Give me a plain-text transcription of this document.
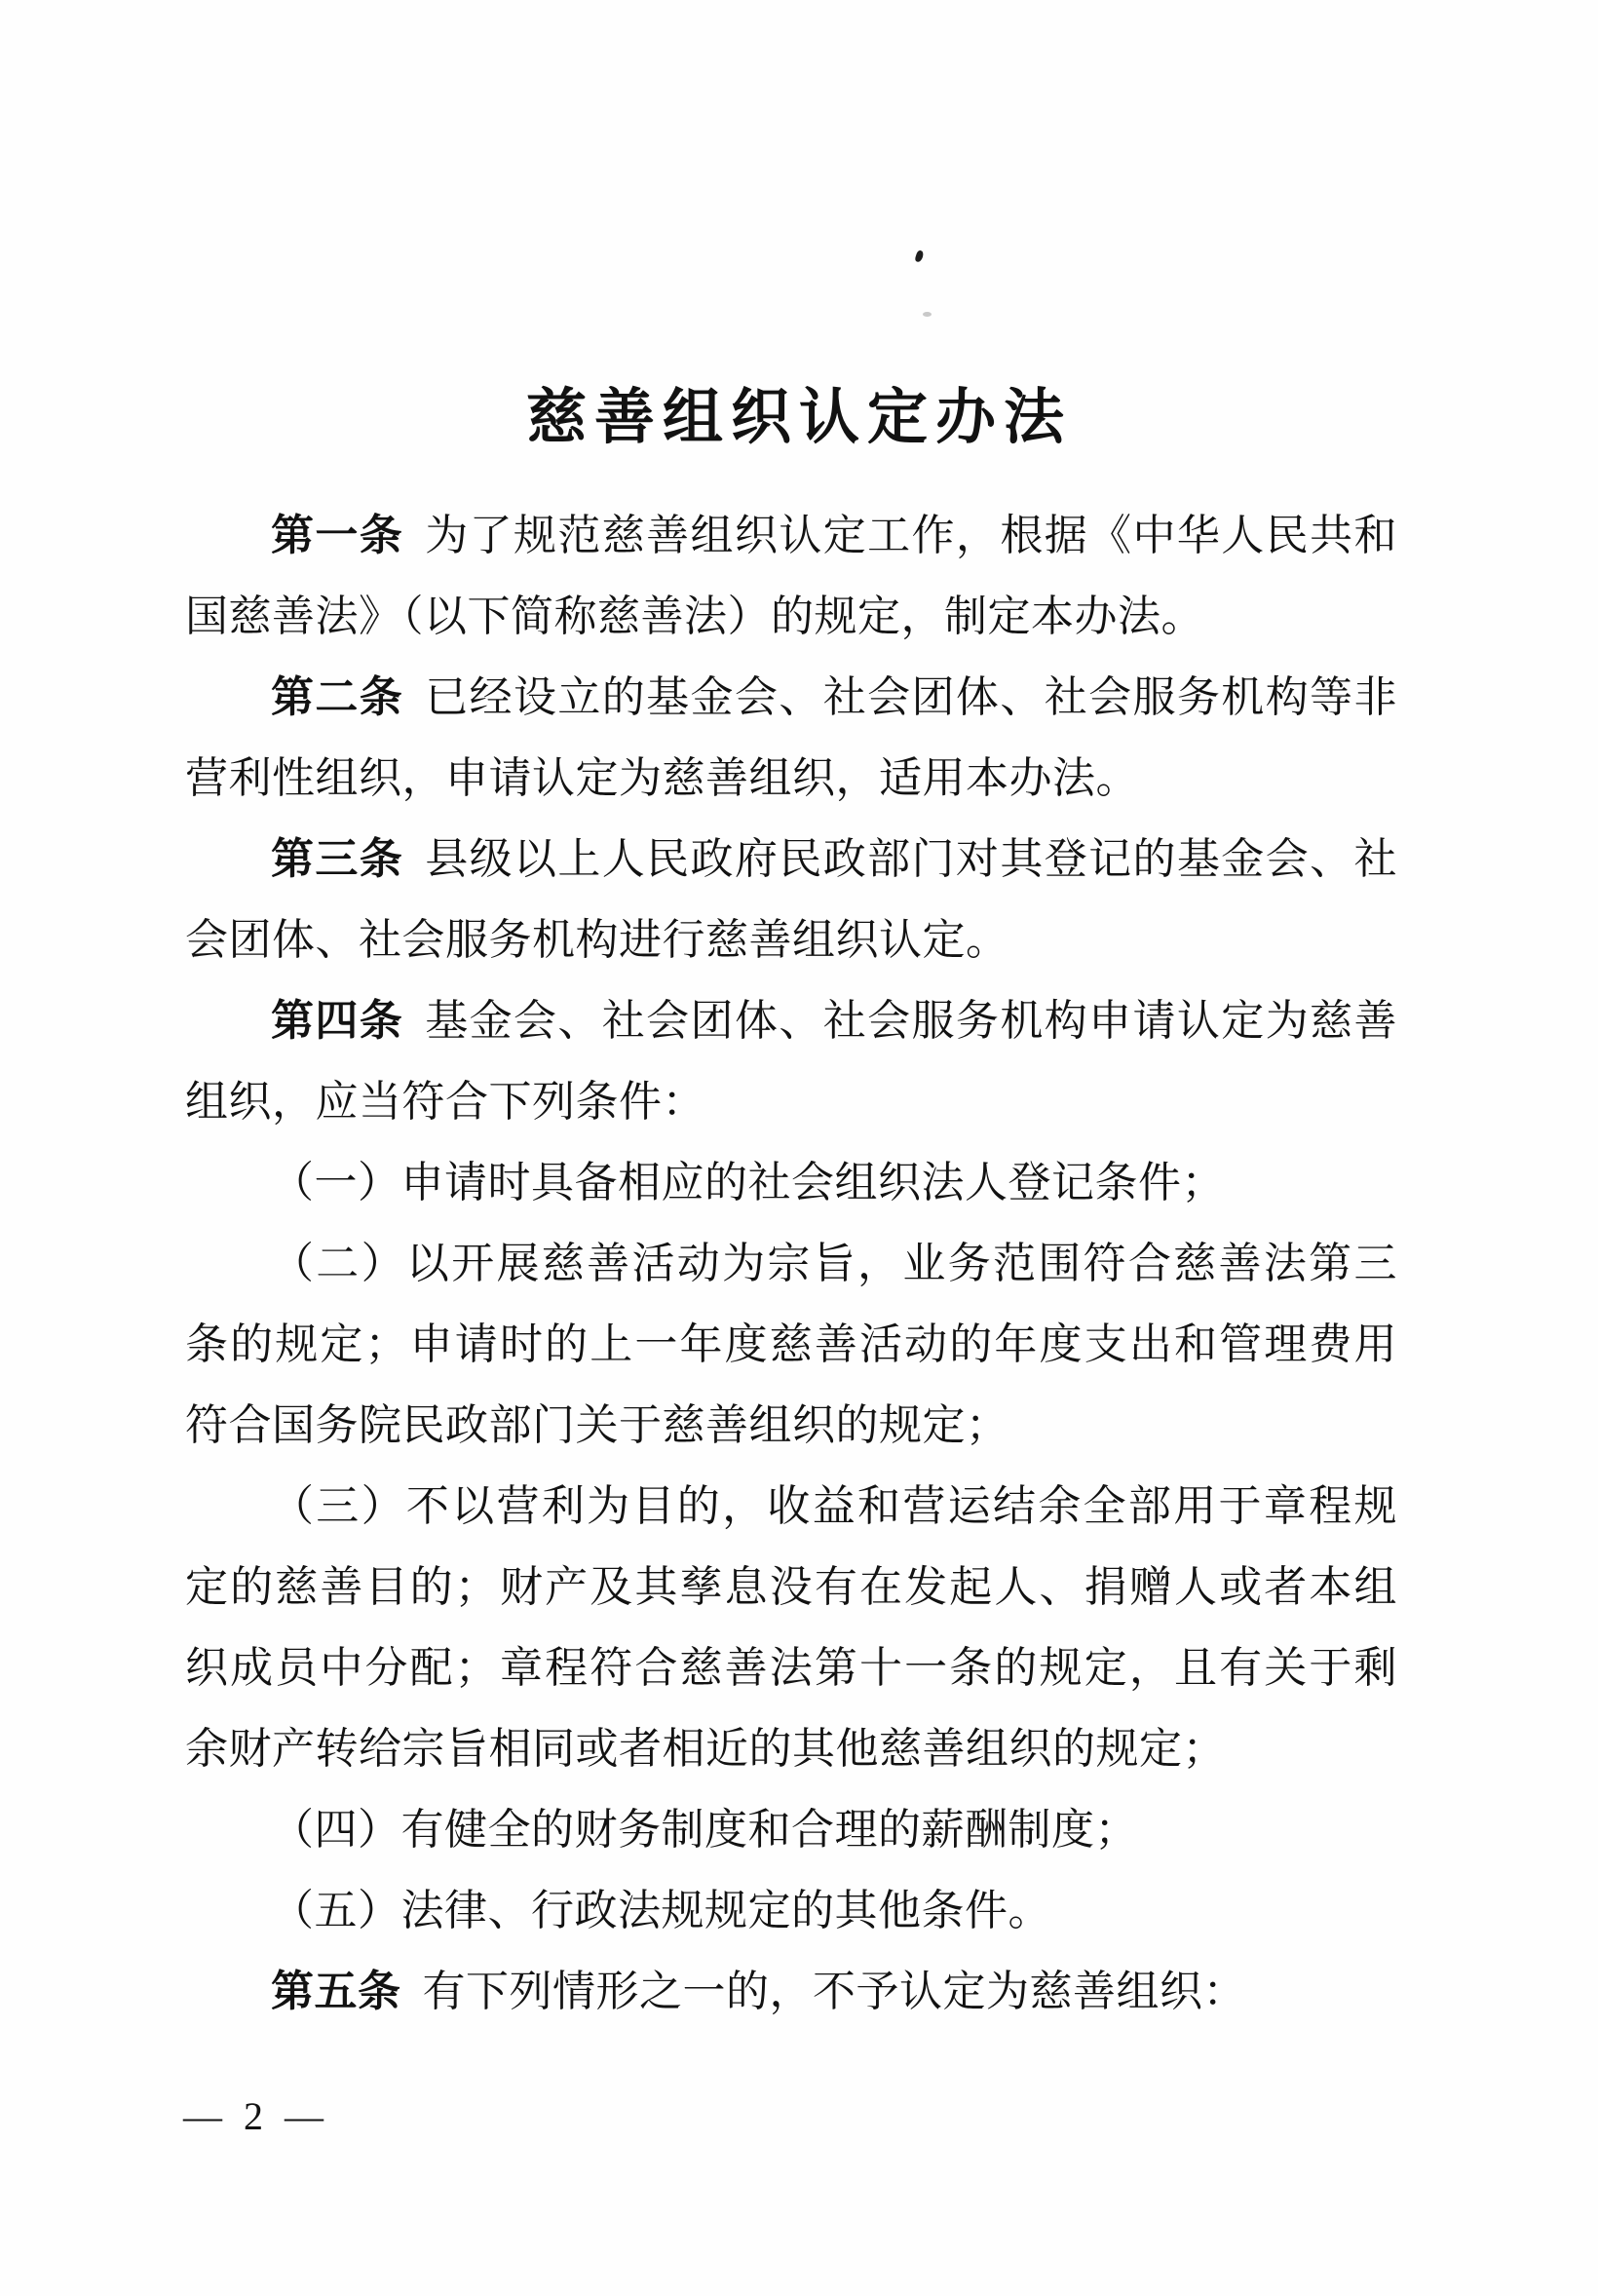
慈善组织认定办法

第一条 为了规范慈善组织认定工作，根据《中华人民共和国慈善法》（以下简称慈善法）的规定，制定本办法。

第二条 已经设立的基金会、社会团体、社会服务机构等非营利性组织，申请认定为慈善组织，适用本办法。

第三条 县级以上人民政府民政部门对其登记的基金会、社会团体、社会服务机构进行慈善组织认定。

第四条 基金会、社会团体、社会服务机构申请认定为慈善组织，应当符合下列条件：

（一）申请时具备相应的社会组织法人登记条件；

（二）以开展慈善活动为宗旨，业务范围符合慈善法第三条的规定；申请时的上一年度慈善活动的年度支出和管理费用符合国务院民政部门关于慈善组织的规定；

（三）不以营利为目的，收益和营运结余全部用于章程规定的慈善目的；财产及其孳息没有在发起人、捐赠人或者本组织成员中分配；章程符合慈善法第十一条的规定，且有关于剩余财产转给宗旨相同或者相近的其他慈善组织的规定；

（四）有健全的财务制度和合理的薪酬制度；

（五）法律、行政法规规定的其他条件。

第五条 有下列情形之一的，不予认定为慈善组织：

— 2 —
